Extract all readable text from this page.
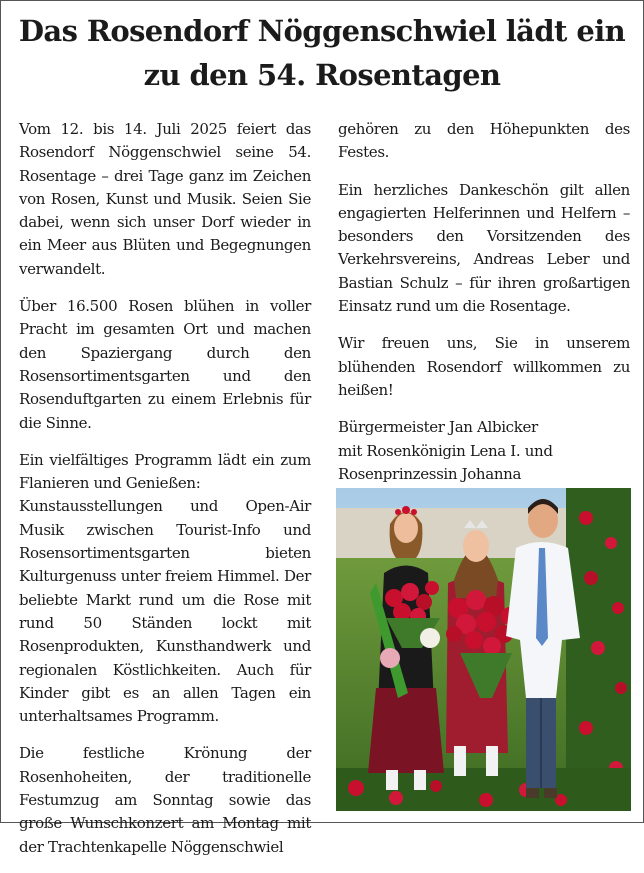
Das Rosendorf Nöggenschwiel lädt ein zu den 54. Rosentagen

Vom 12. bis 14. Juli 2025 feiert das Rosendorf Nöggenschwiel seine 54. Rosentage – drei Tage ganz im Zeichen von Rosen, Kunst und Musik. Seien Sie dabei, wenn sich unser Dorf wieder in ein Meer aus Blüten und Begegnungen verwandelt.

Über 16.500 Rosen blühen in voller Pracht im gesamten Ort und machen den Spaziergang durch den Rosensortimentsgarten und den Rosenduftgarten zu einem Erlebnis für die Sinne.

Ein vielfältiges Programm lädt ein zum Flanieren und Genießen:
Kunstausstellungen und Open-Air Musik zwischen Tourist-Info und Rosensortimentsgarten bieten Kulturgenuss unter freiem Himmel. Der beliebte Markt rund um die Rose mit rund 50 Ständen lockt mit Rosenprodukten, Kunsthandwerk und regionalen Köstlichkeiten. Auch für Kinder gibt es an allen Tagen ein unterhaltsames Programm.

Die festliche Krönung der Rosenhoheiten, der traditionelle Festumzug am Sonntag sowie das große Wunschkonzert am Montag mit der Trachtenkapelle Nöggenschwiel

gehören zu den Höhepunkten des Festes.

Ein herzliches Dankeschön gilt allen engagierten Helferinnen und Helfern – besonders den Vorsitzenden des Verkehrsvereins, Andreas Leber und Bastian Schulz – für ihren großartigen Einsatz rund um die Rosentage.

Wir freuen uns, Sie in unserem blühenden Rosendorf willkommen zu heißen!

Bürgermeister Jan Albicker
mit Rosenkönigin Lena I. und Rosenprinzessin Johanna
